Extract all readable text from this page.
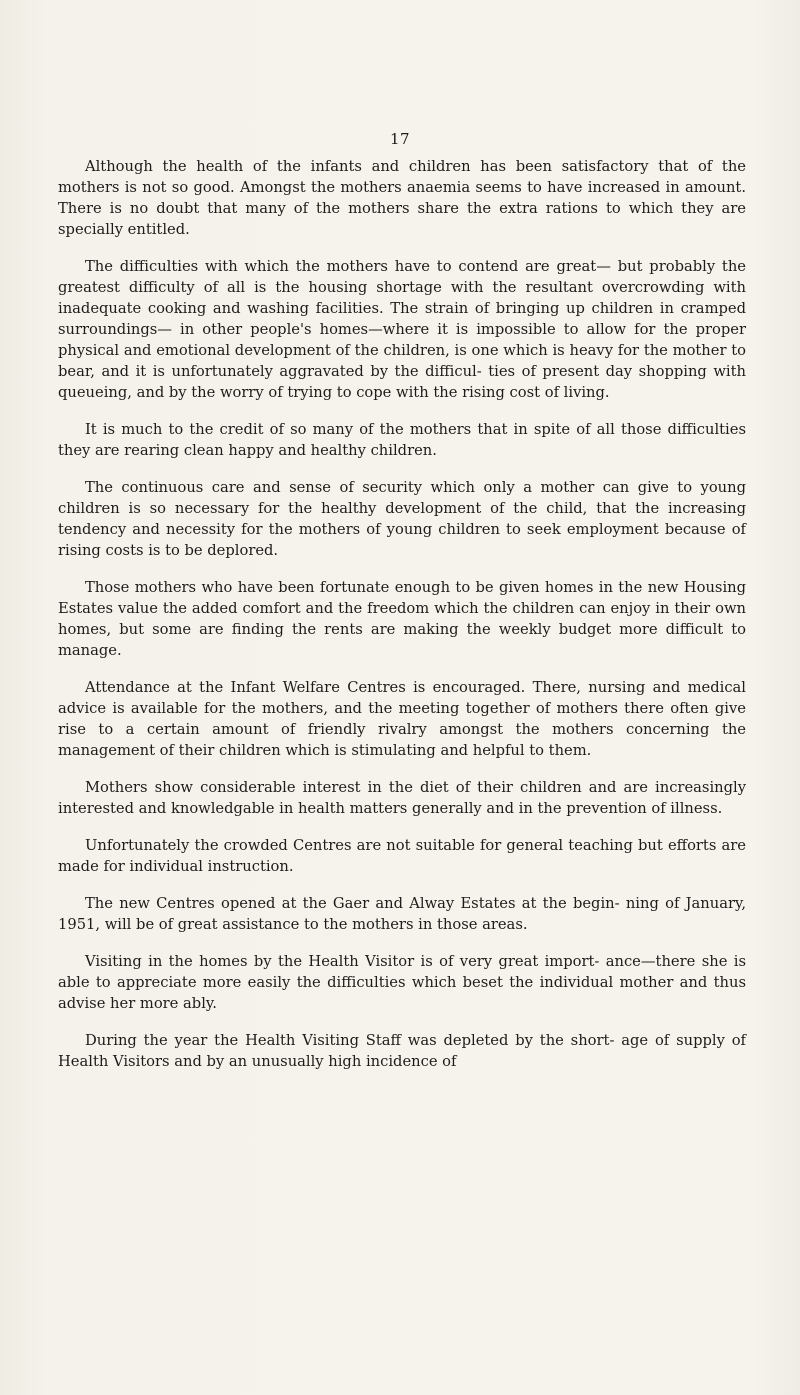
17

Although the health of the infants and children has been satisfactory that of the mothers is not so good. Amongst the mothers anaemia seems to have increased in amount. There is no doubt that many of the mothers share the extra rations to which they are specially entitled.

The difficulties with which the mothers have to contend are great— but probably the greatest difficulty of all is the housing shortage with the resultant overcrowding with inadequate cooking and washing facilities. The strain of bringing up children in cramped surroundings— in other people's homes—where it is impossible to allow for the proper physical and emotional development of the children, is one which is heavy for the mother to bear, and it is unfortunately aggravated by the difficul- ties of present day shopping with queueing, and by the worry of trying to cope with the rising cost of living.

It is much to the credit of so many of the mothers that in spite of all those difficulties they are rearing clean happy and healthy children.

The continuous care and sense of security which only a mother can give to young children is so necessary for the healthy development of the child, that the increasing tendency and necessity for the mothers of young children to seek employment because of rising costs is to be deplored.

Those mothers who have been fortunate enough to be given homes in the new Housing Estates value the added comfort and the freedom which the children can enjoy in their own homes, but some are finding the rents are making the weekly budget more difficult to manage.

Attendance at the Infant Welfare Centres is encouraged. There, nursing and medical advice is available for the mothers, and the meeting together of mothers there often give rise to a certain amount of friendly rivalry amongst the mothers concerning the management of their children which is stimulating and helpful to them.

Mothers show considerable interest in the diet of their children and are increasingly interested and knowledgable in health matters generally and in the prevention of illness.

Unfortunately the crowded Centres are not suitable for general teaching but efforts are made for individual instruction.

The new Centres opened at the Gaer and Alway Estates at the begin- ning of January, 1951, will be of great assistance to the mothers in those areas.

Visiting in the homes by the Health Visitor is of very great import- ance—there she is able to appreciate more easily the difficulties which beset the individual mother and thus advise her more ably.

During the year the Health Visiting Staff was depleted by the short- age of supply of Health Visitors and by an unusually high incidence of
